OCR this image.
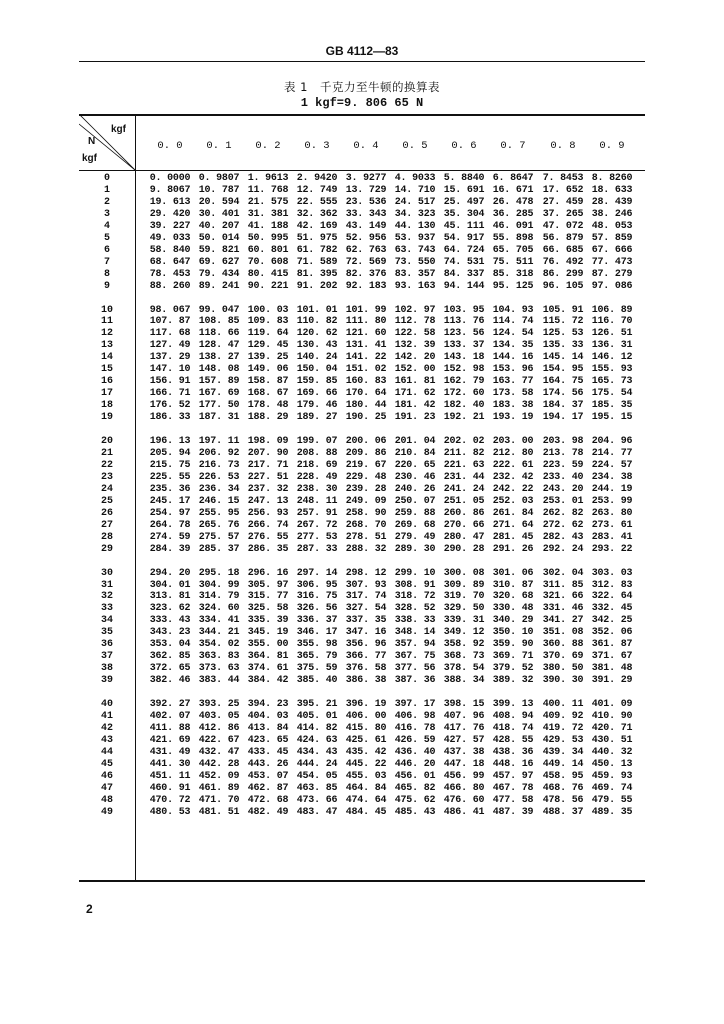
GB 4112—83
表 1　千克力至牛顿的换算表
1 kgf=9. 806 65 N
kgf
N
kgf
0. 0	0. 1	0. 2	0. 3	0. 4	0. 5	0. 6	0. 7	0. 8	0. 9
0	0. 0000 0. 9807 1. 9613 2. 9420 3. 9277 4. 9033 5. 8840 6. 8647 7. 8453 8. 8260
1	9. 8067 10. 787 11. 768 12. 749 13. 729 14. 710 15. 691 16. 671 17. 652 18. 633
2	19. 613 20. 594 21. 575 22. 555 23. 536 24. 517 25. 497 26. 478 27. 459 28. 439
3	29. 420 30. 401 31. 381 32. 362 33. 343 34. 323 35. 304 36. 285 37. 265 38. 246
4	39. 227 40. 207 41. 188 42. 169 43. 149 44. 130 45. 111 46. 091 47. 072 48. 053
5	49. 033 50. 014 50. 995 51. 975 52. 956 53. 937 54. 917 55. 898 56. 879 57. 859
6	58. 840 59. 821 60. 801 61. 782 62. 763 63. 743 64. 724 65. 705 66. 685 67. 666
7	68. 647 69. 627 70. 608 71. 589 72. 569 73. 550 74. 531 75. 511 76. 492 77. 473
8	78. 453 79. 434 80. 415 81. 395 82. 376 83. 357 84. 337 85. 318 86. 299 87. 279
9	88. 260 89. 241 90. 221 91. 202 92. 183 93. 163 94. 144 95. 125 96. 105 97. 086
10	98. 067 99. 047 100. 03 101. 01 101. 99 102. 97 103. 95 104. 93 105. 91 106. 89
11	107. 87 108. 85 109. 83 110. 82 111. 80 112. 78 113. 76 114. 74 115. 72 116. 70
12	117. 68 118. 66 119. 64 120. 62 121. 60 122. 58 123. 56 124. 54 125. 53 126. 51
13	127. 49 128. 47 129. 45 130. 43 131. 41 132. 39 133. 37 134. 35 135. 33 136. 31
14	137. 29 138. 27 139. 25 140. 24 141. 22 142. 20 143. 18 144. 16 145. 14 146. 12
15	147. 10 148. 08 149. 06 150. 04 151. 02 152. 00 152. 98 153. 96 154. 95 155. 93
16	156. 91 157. 89 158. 87 159. 85 160. 83 161. 81 162. 79 163. 77 164. 75 165. 73
17	166. 71 167. 69 168. 67 169. 66 170. 64 171. 62 172. 60 173. 58 174. 56 175. 54
18	176. 52 177. 50 178. 48 179. 46 180. 44 181. 42 182. 40 183. 38 184. 37 185. 35
19	186. 33 187. 31 188. 29 189. 27 190. 25 191. 23 192. 21 193. 19 194. 17 195. 15
20	196. 13 197. 11 198. 09 199. 07 200. 06 201. 04 202. 02 203. 00 203. 98 204. 96
21	205. 94 206. 92 207. 90 208. 88 209. 86 210. 84 211. 82 212. 80 213. 78 214. 77
22	215. 75 216. 73 217. 71 218. 69 219. 67 220. 65 221. 63 222. 61 223. 59 224. 57
23	225. 55 226. 53 227. 51 228. 49 229. 48 230. 46 231. 44 232. 42 233. 40 234. 38
24	235. 36 236. 34 237. 32 238. 30 239. 28 240. 26 241. 24 242. 22 243. 20 244. 19
25	245. 17 246. 15 247. 13 248. 11 249. 09 250. 07 251. 05 252. 03 253. 01 253. 99
26	254. 97 255. 95 256. 93 257. 91 258. 90 259. 88 260. 86 261. 84 262. 82 263. 80
27	264. 78 265. 76 266. 74 267. 72 268. 70 269. 68 270. 66 271. 64 272. 62 273. 61
28	274. 59 275. 57 276. 55 277. 53 278. 51 279. 49 280. 47 281. 45 282. 43 283. 41
29	284. 39 285. 37 286. 35 287. 33 288. 32 289. 30 290. 28 291. 26 292. 24 293. 22
30	294. 20 295. 18 296. 16 297. 14 298. 12 299. 10 300. 08 301. 06 302. 04 303. 03
31	304. 01 304. 99 305. 97 306. 95 307. 93 308. 91 309. 89 310. 87 311. 85 312. 83
32	313. 81 314. 79 315. 77 316. 75 317. 74 318. 72 319. 70 320. 68 321. 66 322. 64
33	323. 62 324. 60 325. 58 326. 56 327. 54 328. 52 329. 50 330. 48 331. 46 332. 45
34	333. 43 334. 41 335. 39 336. 37 337. 35 338. 33 339. 31 340. 29 341. 27 342. 25
35	343. 23 344. 21 345. 19 346. 17 347. 16 348. 14 349. 12 350. 10 351. 08 352. 06
36	353. 04 354. 02 355. 00 355. 98 356. 96 357. 94 358. 92 359. 90 360. 88 361. 87
37	362. 85 363. 83 364. 81 365. 79 366. 77 367. 75 368. 73 369. 71 370. 69 371. 67
38	372. 65 373. 63 374. 61 375. 59 376. 58 377. 56 378. 54 379. 52 380. 50 381. 48
39	382. 46 383. 44 384. 42 385. 40 386. 38 387. 36 388. 34 389. 32 390. 30 391. 29
40	392. 27 393. 25 394. 23 395. 21 396. 19 397. 17 398. 15 399. 13 400. 11 401. 09
41	402. 07 403. 05 404. 03 405. 01 406. 00 406. 98 407. 96 408. 94 409. 92 410. 90
42	411. 88 412. 86 413. 84 414. 82 415. 80 416. 78 417. 76 418. 74 419. 72 420. 71
43	421. 69 422. 67 423. 65 424. 63 425. 61 426. 59 427. 57 428. 55 429. 53 430. 51
44	431. 49 432. 47 433. 45 434. 43 435. 42 436. 40 437. 38 438. 36 439. 34 440. 32
45	441. 30 442. 28 443. 26 444. 24 445. 22 446. 20 447. 18 448. 16 449. 14 450. 13
46	451. 11 452. 09 453. 07 454. 05 455. 03 456. 01 456. 99 457. 97 458. 95 459. 93
47	460. 91 461. 89 462. 87 463. 85 464. 84 465. 82 466. 80 467. 78 468. 76 469. 74
48	470. 72 471. 70 472. 68 473. 66 474. 64 475. 62 476. 60 477. 58 478. 56 479. 55
49	480. 53 481. 51 482. 49 483. 47 484. 45 485. 43 486. 41 487. 39 488. 37 489. 35
2
